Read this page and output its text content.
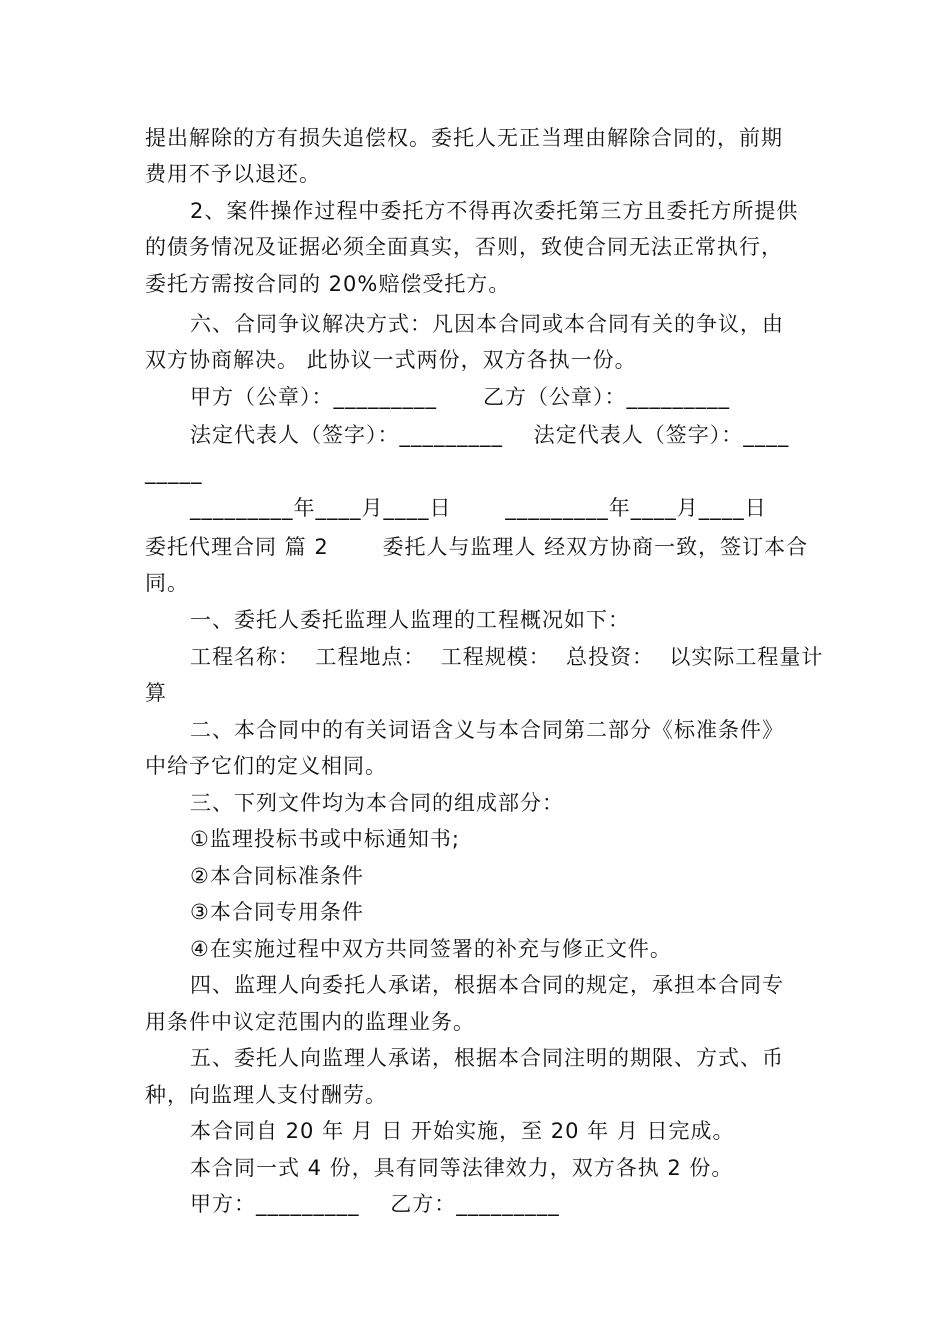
提出解除的方有损失追偿权。委托人无正当理由解除合同的，前期
费用不予以退还。
2、案件操作过程中委托方不得再次委托第三方且委托方所提供
的债务情况及证据必须全面真实，否则，致使合同无法正常执行，
委托方需按合同的 20%赔偿受托方。
六、合同争议解决方式：凡因本合同或本合同有关的争议，由
双方协商解决。 此协议一式两份，双方各执一份。
甲方（公章）：_________      乙方（公章）：_________
法定代表人（签字）：_________    法定代表人（签字）：____
_____
_________年____月____日       _________年____月____日
委托代理合同 篇 2       委托人与监理人 经双方协商一致，签订本合
同。
一、委托人委托监理人监理的工程概况如下：
工程名称：  工程地点：  工程规模：  总投资：  以实际工程量计
算
二、本合同中的有关词语含义与本合同第二部分《标准条件》
中给予它们的定义相同。
三、下列文件均为本合同的组成部分：
①监理投标书或中标通知书;
②本合同标准条件
③本合同专用条件
④在实施过程中双方共同签署的补充与修正文件。
四、监理人向委托人承诺，根据本合同的规定，承担本合同专
用条件中议定范围内的监理业务。
五、委托人向监理人承诺，根据本合同注明的期限、方式、币
种，向监理人支付酬劳。
本合同自 20 年 月 日 开始实施，至 20 年 月 日完成。
本合同一式 4 份，具有同等法律效力，双方各执 2 份。
甲方：_________    乙方：_________
